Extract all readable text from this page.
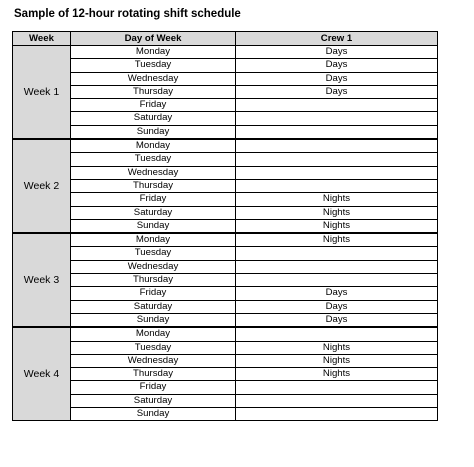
Sample of 12-hour rotating shift schedule
Week	Day of Week	Crew 1
Week 1	Monday	Days
	Tuesday	Days
	Wednesday	Days
	Thursday	Days
	Friday	
	Saturday	
	Sunday	
Week 2	Monday	
	Tuesday	
	Wednesday	
	Thursday	
	Friday	Nights
	Saturday	Nights
	Sunday	Nights
Week 3	Monday	Nights
	Tuesday	
	Wednesday	
	Thursday	
	Friday	Days
	Saturday	Days
	Sunday	Days
Week 4	Monday	
	Tuesday	Nights
	Wednesday	Nights
	Thursday	Nights
	Friday	
	Saturday	
	Sunday	
